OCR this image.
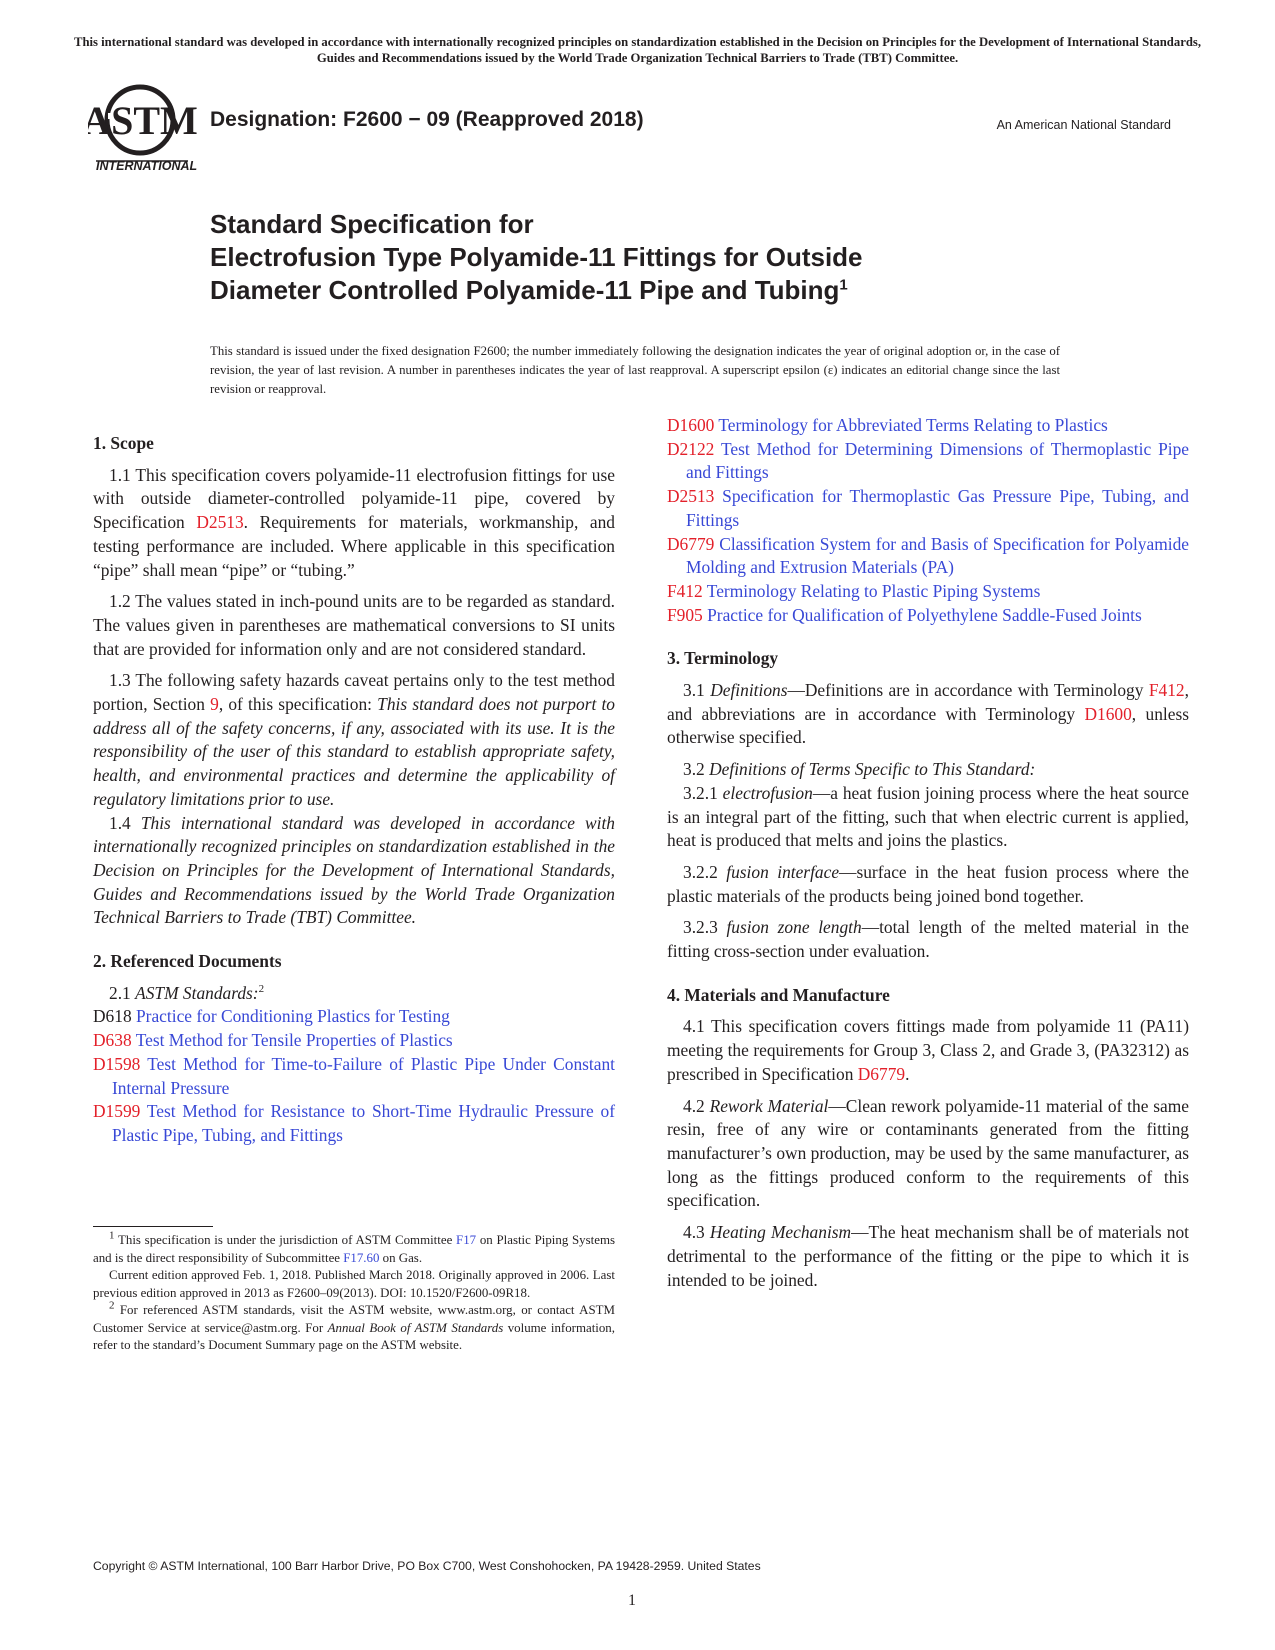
This international standard was developed in accordance with internationally recognized principles on standardization established in the Decision on Principles for the Development of International Standards, Guides and Recommendations issued by the World Trade Organization Technical Barriers to Trade (TBT) Committee.
ASTM
INTERNATIONAL
Designation: F2600 − 09 (Reapproved 2018)	An American National Standard
Standard Specification for
Electrofusion Type Polyamide-11 Fittings for Outside
Diameter Controlled Polyamide-11 Pipe and Tubing$^1$
This standard is issued under the fixed designation F2600; the number immediately following the designation indicates the year of original adoption or, in the case of revision, the year of last revision. A number in parentheses indicates the year of last reapproval. A superscript epsilon (ε) indicates an editorial change since the last revision or reapproval.
1. Scope

1.1 This specification covers polyamide-11 electrofusion fittings for use with outside diameter-controlled polyamide-11 pipe, covered by Specification D2513. Requirements for materials, workmanship, and testing performance are included. Where applicable in this specification “pipe” shall mean “pipe” or “tubing.”

1.2 The values stated in inch-pound units are to be regarded as standard. The values given in parentheses are mathematical conversions to SI units that are provided for information only and are not considered standard.

1.3 The following safety hazards caveat pertains only to the test method portion, Section 9, of this specification: This standard does not purport to address all of the safety concerns, if any, associated with its use. It is the responsibility of the user of this standard to establish appropriate safety, health, and environmental practices and determine the applicability of regulatory limitations prior to use.

1.4 This international standard was developed in accordance with internationally recognized principles on standardization established in the Decision on Principles for the Development of International Standards, Guides and Recommendations issued by the World Trade Organization Technical Barriers to Trade (TBT) Committee.

2. Referenced Documents

2.1 ASTM Standards:$^2$

D618 Practice for Conditioning Plastics for Testing
D638 Test Method for Tensile Properties of Plastics
D1598 Test Method for Time-to-Failure of Plastic Pipe Under Constant Internal Pressure
D1599 Test Method for Resistance to Short-Time Hydraulic Pressure of Plastic Pipe, Tubing, and Fittings

$^1$ This specification is under the jurisdiction of ASTM Committee F17 on Plastic Piping Systems and is the direct responsibility of Subcommittee F17.60 on Gas.

Current edition approved Feb. 1, 2018. Published March 2018. Originally approved in 2006. Last previous edition approved in 2013 as F2600–09(2013). DOI: 10.1520/F2600-09R18.

$^2$ For referenced ASTM standards, visit the ASTM website, www.astm.org, or contact ASTM Customer Service at service@astm.org. For Annual Book of ASTM Standards volume information, refer to the standard’s Document Summary page on the ASTM website.

D1600 Terminology for Abbreviated Terms Relating to Plastics
D2122 Test Method for Determining Dimensions of Thermoplastic Pipe and Fittings
D2513 Specification for Thermoplastic Gas Pressure Pipe, Tubing, and Fittings
D6779 Classification System for and Basis of Specification for Polyamide Molding and Extrusion Materials (PA)
F412 Terminology Relating to Plastic Piping Systems
F905 Practice for Qualification of Polyethylene Saddle-Fused Joints
3. Terminology

3.1 Definitions—Definitions are in accordance with Terminology F412, and abbreviations are in accordance with Terminology D1600, unless otherwise specified.

3.2 Definitions of Terms Specific to This Standard:

3.2.1 electrofusion—a heat fusion joining process where the heat source is an integral part of the fitting, such that when electric current is applied, heat is produced that melts and joins the plastics.

3.2.2 fusion interface—surface in the heat fusion process where the plastic materials of the products being joined bond together.

3.2.3 fusion zone length—total length of the melted material in the fitting cross-section under evaluation.

4. Materials and Manufacture

4.1 This specification covers fittings made from polyamide 11 (PA11) meeting the requirements for Group 3, Class 2, and Grade 3, (PA32312) as prescribed in Specification D6779.

4.2 Rework Material—Clean rework polyamide-11 material of the same resin, free of any wire or contaminants generated from the fitting manufacturer’s own production, may be used by the same manufacturer, as long as the fittings produced conform to the requirements of this specification.

4.3 Heating Mechanism—The heat mechanism shall be of materials not detrimental to the performance of the fitting or the pipe to which it is intended to be joined.

Copyright © ASTM International, 100 Barr Harbor Drive, PO Box C700, West Conshohocken, PA 19428-2959. United States
1
